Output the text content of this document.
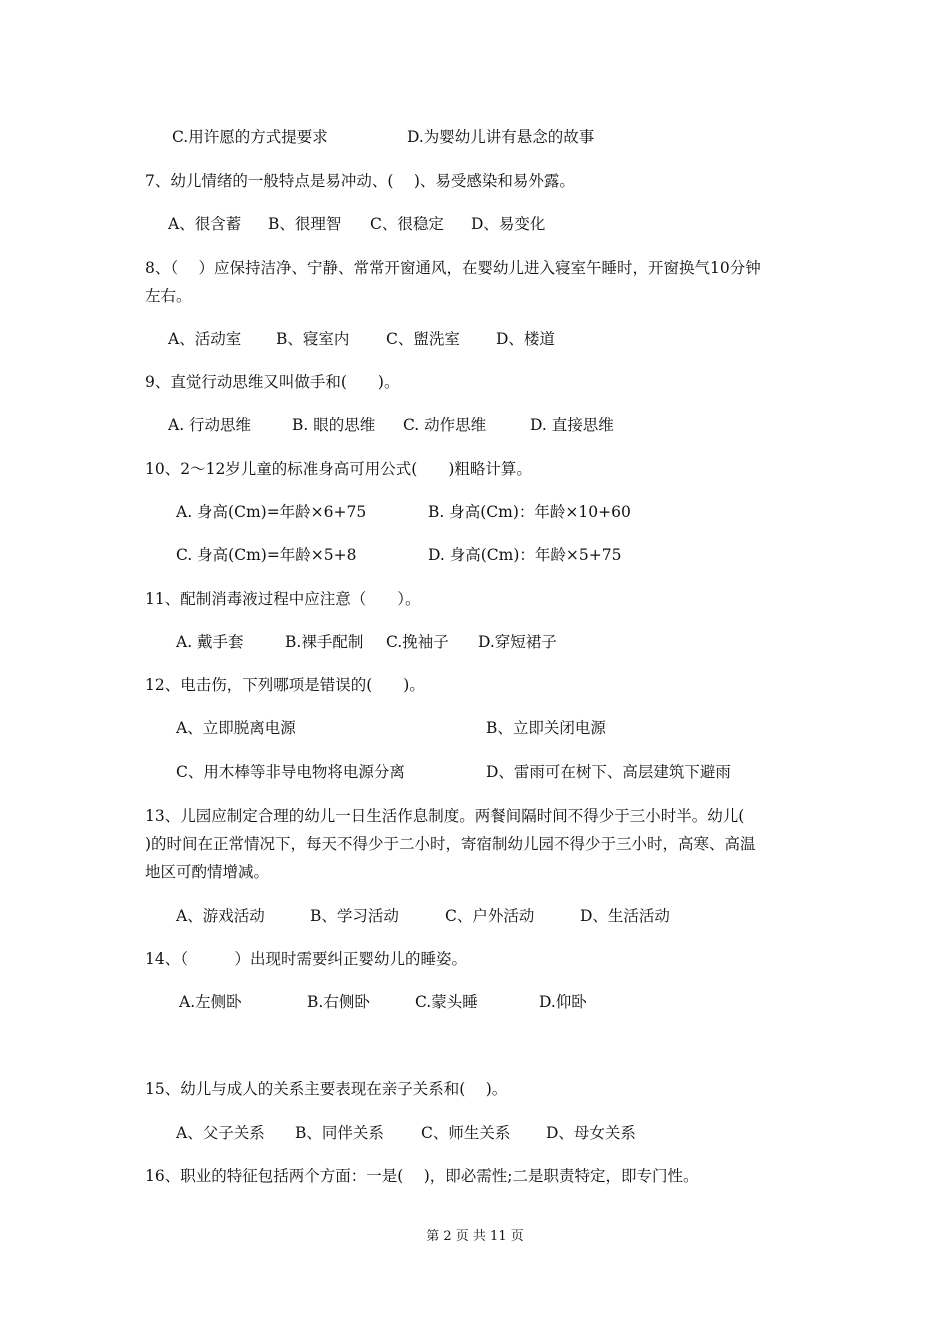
C.用许愿的方式提要求	D.为婴幼儿讲有悬念的故事
7、幼儿情绪的一般特点是易冲动、(　 )、易受感染和易外露。
A、很含蓄 B、很理智 C、很稳定 D、易变化
8、（　 ）应保持洁净、宁静、常常开窗通风，在婴幼儿进入寝室午睡时，开窗换气10分钟
左右。
A、活动室 B、寝室内 C、盥洗室 D、楼道
9、直觉行动思维又叫做手和(　　)。
A. 行动思维	B. 眼的思维 C. 动作思维	D. 直接思维
10、2～12岁儿童的标准身高可用公式(　　)粗略计算。
A. 身高(Cm)=年龄×6+75	B. 身高(Cm)：年龄×10+60
C. 身高(Cm)=年龄×5+8	D. 身高(Cm)：年龄×5+75
11、配制消毒液过程中应注意（　　）。
A. 戴手套	B.裸手配制 C.挽袖子 D.穿短裙子
12、电击伤，下列哪项是错误的(　　)。
A、立即脱离电源	B、立即关闭电源
C、用木棒等非导电物将电源分离	D、雷雨可在树下、高层建筑下避雨
13、儿园应制定合理的幼儿一日生活作息制度。两餐间隔时间不得少于三小时半。幼儿(
)的时间在正常情况下，每天不得少于二小时，寄宿制幼儿园不得少于三小时，高寒、高温
地区可酌情增减。
A、游戏活动	B、学习活动	C、户外活动	D、生活活动
14、（　　　）出现时需要纠正婴幼儿的睡姿。
A.左侧卧	B.右侧卧	C.蒙头睡	D.仰卧
15、幼儿与成人的关系主要表现在亲子关系和(　 )。
A、父子关系 B、同伴关系 C、师生关系 D、母女关系
16、职业的特征包括两个方面：一是(　 )，即必需性;二是职责特定，即专门性。
第 2 页 共 11 页
